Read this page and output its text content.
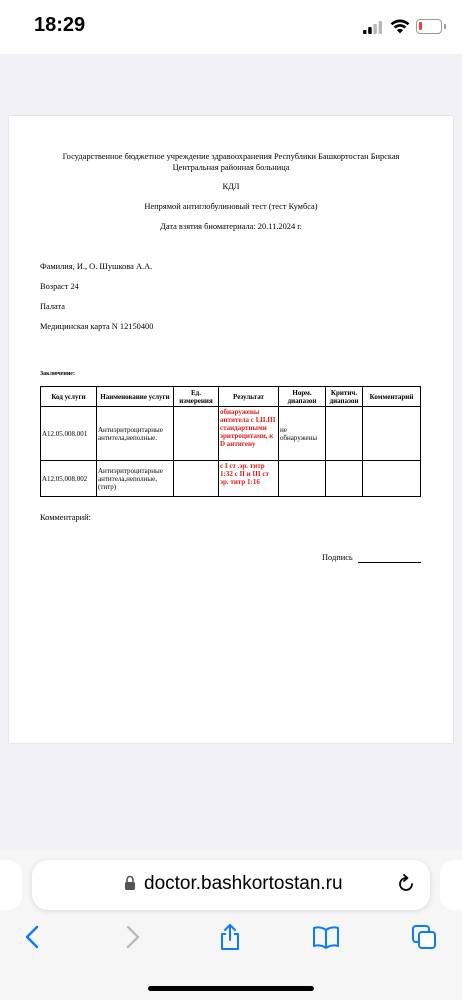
18:29
Государственное бюджетное учреждение здравоохранения Республики Башкортостан Бирская
Центральная районная больница
КДЛ
Непрямой антиглобулиновый тест (тест Кумбса)
Дата взятия биоматериала: 20.11.2024 г.
Фамилия, И., О. Шушкова А.А.
Возраст 24
Палата
Медицинская карта N 12150400
Заключение:
Код услуги	Наименование услуги	Ед. измерения	Результат	Норм. диапазон	Критич. диапазон	Комментарий
A12.05.008.001	Антиэритроцитарные антитела,неполные.		обнаружены антитела с I.II.III стандартными эритроцитами, к D антигену	не обнаружены		
A12.05.008.002	Антиэритроцитарные антитела,неполные, (титр)		с I ст .эр. титр 1:32 с II и III ст эр. титр 1:16			
Комментарий:
Подпись
doctor.bashkortostan.ru
